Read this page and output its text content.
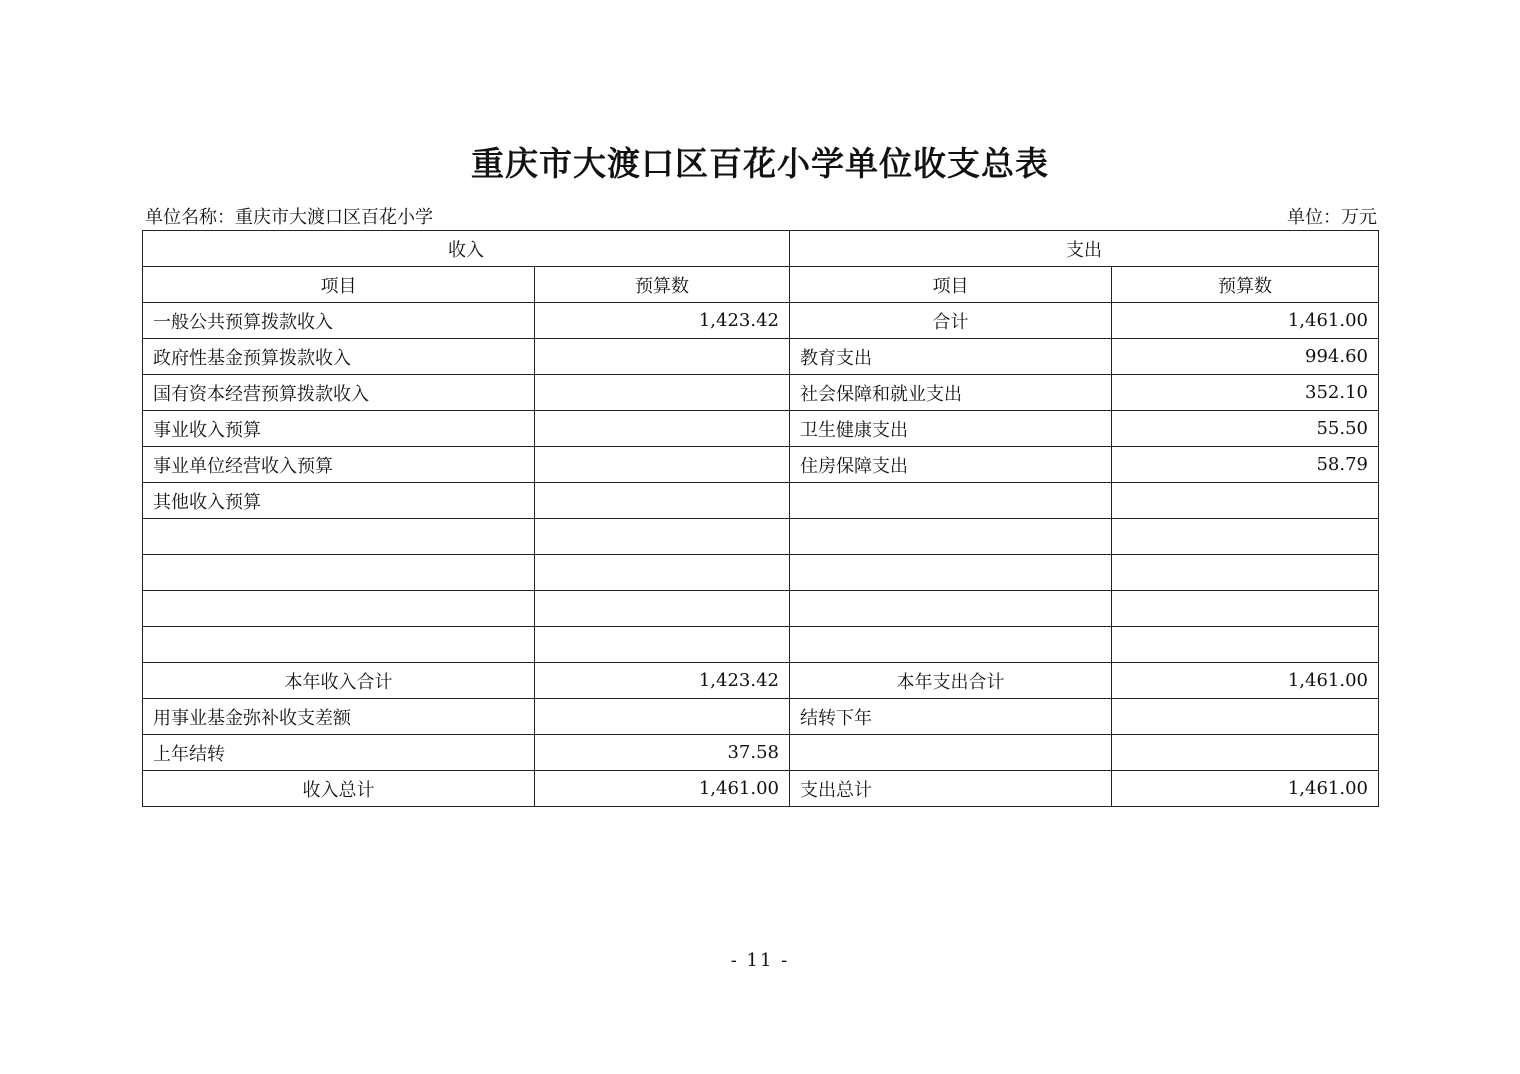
重庆市大渡口区百花小学单位收支总表
单位名称：重庆市大渡口区百花小学	单位：万元
收入		支出	
项目	预算数	项目	预算数
一般公共预算拨款收入	1,423.42	合计	1,461.00
政府性基金预算拨款收入		教育支出	994.60
国有资本经营预算拨款收入		社会保障和就业支出	352.10
事业收入预算		卫生健康支出	55.50
事业单位经营收入预算		住房保障支出	58.79
其他收入预算			

本年收入合计	1,423.42	本年支出合计	1,461.00
用事业基金弥补收支差额		结转下年	
上年结转	37.58		
收入总计	1,461.00	支出总计	1,461.00
- 11 -
